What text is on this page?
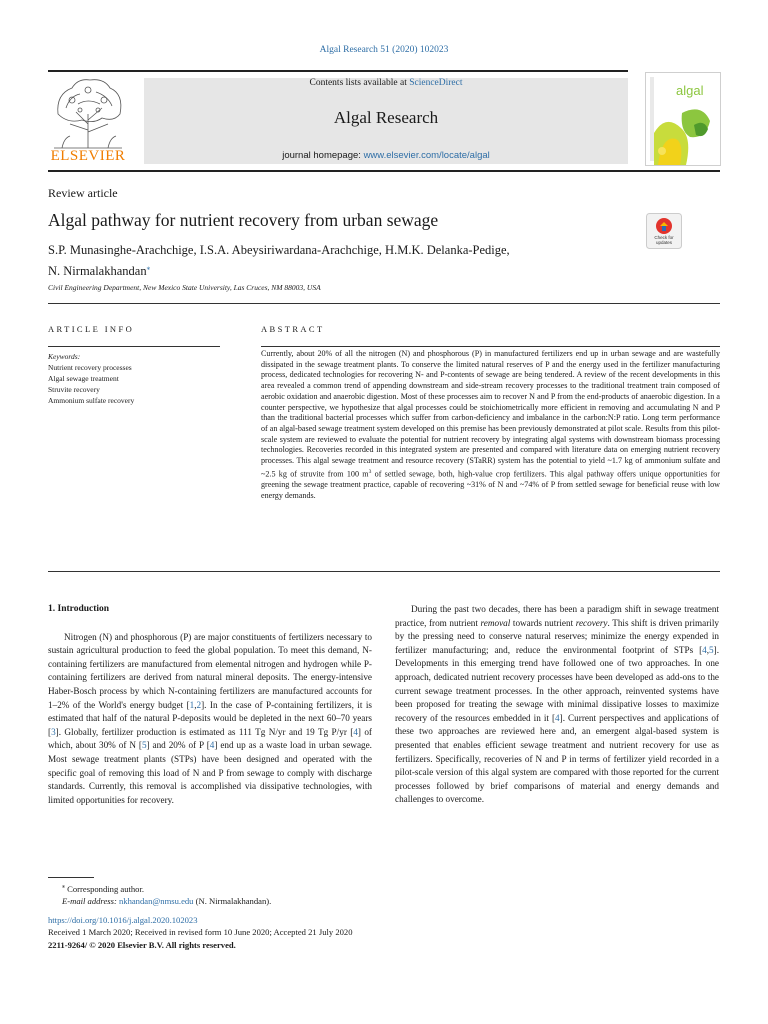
Algal Research 51 (2020) 102023
ELSEVIER
Contents lists available at ScienceDirect
Algal Research
journal homepage: www.elsevier.com/locate/algal
algal
Review article
Algal pathway for nutrient recovery from urban sewage
Check for updates
S.P. Munasinghe-Arachchige, I.S.A. Abeysiriwardana-Arachchige, H.M.K. Delanka-Pedige,
N. Nirmalakhandan⁎
Civil Engineering Department, New Mexico State University, Las Cruces, NM 88003, USA
ARTICLE INFO	ABSTRACT
Keywords:
Nutrient recovery processes
Algal sewage treatment
Struvite recovery
Ammonium sulfate recovery
Currently, about 20% of all the nitrogen (N) and phosphorous (P) in manufactured fertilizers end up in urban sewage and are wastefully dissipated in the sewage treatment plants. To conserve the limited natural reserves of P and the energy used in the fertilizer manufacturing process, dedicated technologies for recovering N- and P-contents of sewage are being tendered. A review of the recent developments in this area revealed a common trend of appending downstream and side-stream recovery processes to the traditional treatment train composed of aerobic oxidation and anaerobic digestion. Most of these processes aim to recover N and P from the end-products of anaerobic digestion. In a counter perspective, we hypothesize that algal processes could be stoichiometrically more efficient in removing and accumulating N and P than the traditional bacterial processes which suffer from carbon-deficiency and imbalance in the carbon:N:P ratio. Long term performance of an algal-based sewage treatment system developed on this premise has been previously demonstrated at pilot scale. Results from this pilot-scale system are reviewed to evaluate the potential for nutrient recovery by integrating algal systems with downstream biomass processing technologies. Recoveries recorded in this integrated system are presented and compared with literature data on emerging nutrient recovery processes. This algal sewage treatment and resource recovery (STaRR) system has the potential to yield ~1.7 kg of ammonium sulfate and ~2.5 kg of struvite from 100 $m^3$ of settled sewage, both, high-value crop fertilizers. This algal pathway offers unique opportunities for greening the sewage treatment practice, capable of recovering ~31% of N and ~74% of P from settled sewage for beneficial reuse with low energy demands.
1. Introduction

Nitrogen (N) and phosphorous (P) are major constituents of fertilizers necessary to sustain agricultural production to feed the global population. To meet this demand, N-containing fertilizers are manufactured from elemental nitrogen and hydrogen while P-containing fertilizers are derived from natural mineral deposits. The energy-intensive Haber-Bosch process by which N-containing fertilizers are manufactured accounts for 1–2% of the World's energy budget [1,2]. In the case of P-containing fertilizers, it is estimated that half of the natural P-deposits would be depleted in the next 60–70 years [3]. Globally, fertilizer production is estimated as 111 Tg N/yr and 19 Tg P/yr [4] of which, about 30% of N [5] and 20% of P [4] end up as a waste load in urban sewage. Most sewage treatment plants (STPs) have been designed and operated with the specific goal of removing this load of N and P from sewage to comply with discharge standards. Currently, this removal is accomplished via dissipative technologies, with limited opportunities for recovery.

During the past two decades, there has been a paradigm shift in sewage treatment practice, from nutrient removal towards nutrient recovery. This shift is driven primarily by the pressing need to conserve natural reserves; minimize the energy expended in fertilizer manufacturing; and, reduce the environmental footprint of STPs [4,5]. Developments in this emerging trend have followed one of two approaches. In one approach, dedicated nutrient recovery processes have been developed as add-ons to the current sewage treatment processes. In the other approach, reinvented systems have been proposed for treating the sewage with minimal dissipative losses to maximize recovery of the resources embedded in it [4]. Current perspectives and applications of these two approaches are reviewed here and, an emergent algal-based system is presented that enables efficient sewage treatment and nutrient recovery for use as fertilizers. Specifically, recoveries of N and P in terms of fertilizer yield recorded in a pilot-scale version of this algal system are compared with those reported for the current processes followed by brief comparisons of material and energy demands and challenges to overcome.

⁎ Corresponding author.
E-mail address: nkhandan@nmsu.edu (N. Nirmalakhandan).
https://doi.org/10.1016/j.algal.2020.102023
Received 1 March 2020; Received in revised form 10 June 2020; Accepted 21 July 2020
2211-9264/ © 2020 Elsevier B.V. All rights reserved.
